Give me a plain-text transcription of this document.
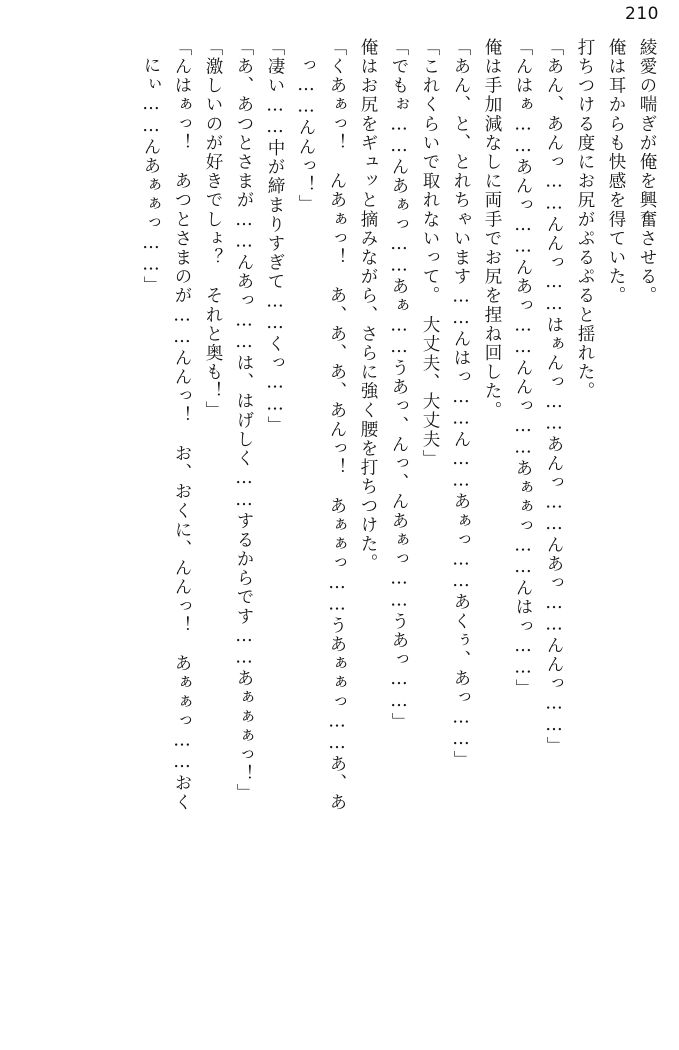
210
綾愛の喘ぎが俺を興奮させる。
俺は耳からも快感を得ていた。
打ちつける度にお尻がぷるぷると揺れた。
「あん、あんっ……んんっ……はぁんっ……あんっ……んあっ……んんっ……」
「んはぁ……あんっ……んあっ……んんっ……あぁぁっ……んはっ……」
俺は手加減なしに両手でお尻を捏ね回した。
「あん、と、とれちゃいます……んはっ……ん……あぁっ……あくぅ、あっ……」
「これくらいで取れないって。　大丈夫、大丈夫」
「でもぉ……んあぁっ……あぁ……うあっ、んっ、んあぁっ……うあっ……」
俺はお尻をギュッと摘みながら、さらに強く腰を打ちつけた。
「くあぁっ！　んあぁっ！　あ、あ、あ、あんっ！　あぁぁっ……うあぁぁっ……あ、あ
っ……んんっ！」
「凄い……中が締まりすぎて……くっ……」
「あ、あつとさまが……んあっ……は、はげしく……するからです……あぁぁぁっ！」
「激しいのが好きでしょ？　それと奥も！」
「んはぁっ！　あつとさまのが……んんっ！　お、おくに、んんっ！　あぁぁっ……おく
にぃ……んあぁぁっ……」
